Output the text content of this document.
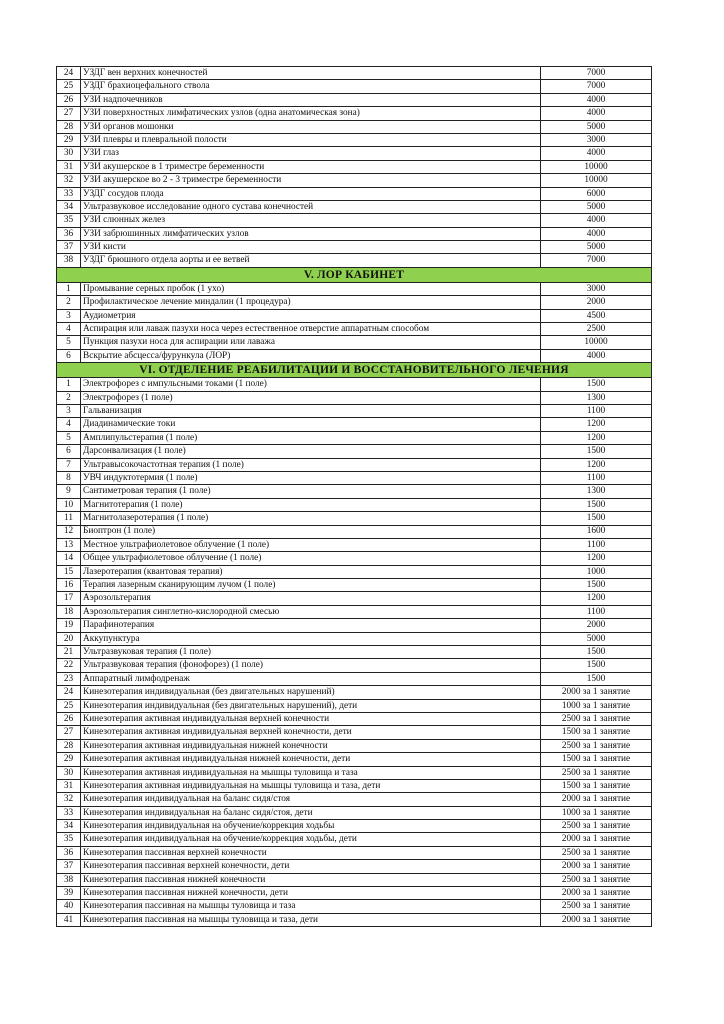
24	УЗДГ вен верхних конечностей	7000
25	УЗДГ брахиоцефального ствола	7000
26	УЗИ надпочечников	4000
27	УЗИ поверхностных лимфатических узлов (одна анатомическая зона)	4000
28	УЗИ органов мошонки	5000
29	УЗИ плевры и плевральной полости	3000
30	УЗИ глаз	4000
31	УЗИ акушерское в 1 триместре беременности	10000
32	УЗИ акушерское во 2 - 3 триместре беременности	10000
33	УЗДГ сосудов плода	6000
34	Ультразвуковое исследование одного сустава конечностей	5000
35	УЗИ слюнных желез	4000
36	УЗИ забрюшинных лимфатических узлов	4000
37	УЗИ кисти	5000
38	УЗДГ брюшного отдела аорты и ее ветвей	7000
V. ЛОР КАБИНЕТ		
1	Промывание серных пробок (1 ухо)	3000
2	Профилактическое лечение миндалин (1 процедура)	2000
3	Аудиометрия	4500
4	Аспирация или лаваж пазухи носа через естественное отверстие аппаратным способом	2500
5	Пункция пазухи носа для аспирации или лаважа	10000
6	Вскрытие абсцесса/фурункула (ЛОР)	4000
VI. ОТДЕЛЕНИЕ РЕАБИЛИТАЦИИ И ВОССТАНОВИТЕЛЬНОГО ЛЕЧЕНИЯ		
1	Электрофорез с импульсными токами (1 поле)	1500
2	Электрофорез (1 поле)	1300
3	Гальванизация	1100
4	Диадинамические токи	1200
5	Амплипульстерапия (1 поле)	1200
6	Дарсонвализация (1 поле)	1500
7	Ультравысокочастотная терапия (1 поле)	1200
8	УВЧ индуктотермия (1 поле)	1100
9	Сантиметровая терапия (1 поле)	1300
10	Магнитотерапия (1 поле)	1500
11	Магнитолазеротерапия (1 поле)	1500
12	Биоптрон (1 поле)	1600
13	Местное ультрафиолетовое облучение (1 поле)	1100
14	Общее ультрафиолетовое облучение (1 поле)	1200
15	Лазеротерапия (квантовая терапия)	1000
16	Терапия лазерным сканирующим лучом (1 поле)	1500
17	Аэрозольтерапия	1200
18	Аэрозольтерапия синглетно-кислородной смесью	1100
19	Парафинотерапия	2000
20	Аккупунктура	5000
21	Ультразвуковая терапия (1 поле)	1500
22	Ультразвуковая терапия (фонофорез) (1 поле)	1500
23	Аппаратный лимфодренаж	1500
24	Кинезотерапия индивидуальная (без двигательных нарушений)	2000 за 1 занятие
25	Кинезотерапия индивидуальная (без двигательных нарушений), дети	1000 за 1 занятие
26	Кинезотерапия активная индивидуальная верхней конечности	2500 за 1 занятие
27	Кинезотерапия активная индивидуальная верхней конечности, дети	1500 за 1 занятие
28	Кинезотерапия активная индивидуальная нижней конечности	2500 за 1 занятие
29	Кинезотерапия активная индивидуальная нижней конечности, дети	1500 за 1 занятие
30	Кинезотерапия активная индивидуальная на мышцы туловища и таза	2500 за 1 занятие
31	Кинезотерапия активная индивидуальная на мышцы туловища и таза, дети	1500 за 1 занятие
32	Кинезотерапия индивидуальная на баланс сидя/стоя	2000 за 1 занятие
33	Кинезотерапия индивидуальная на баланс сидя/стоя, дети	1000 за 1 занятие
34	Кинезотерапия индивидуальная на обучение/коррекция ходьбы	2500 за 1 занятие
35	Кинезотерапия индивидуальная на обучение/коррекция ходьбы, дети	2000 за 1 занятие
36	Кинезотерапия пассивная верхней конечности	2500 за 1 занятие
37	Кинезотерапия пассивная верхней конечности, дети	2000 за 1 занятие
38	Кинезотерапия пассивная нижней конечности	2500 за 1 занятие
39	Кинезотерапия пассивная нижней конечности, дети	2000 за 1 занятие
40	Кинезотерапия пассивная на мышцы туловища и таза	2500 за 1 занятие
41	Кинезотерапия пассивная на мышцы туловища и таза, дети	2000 за 1 занятие
